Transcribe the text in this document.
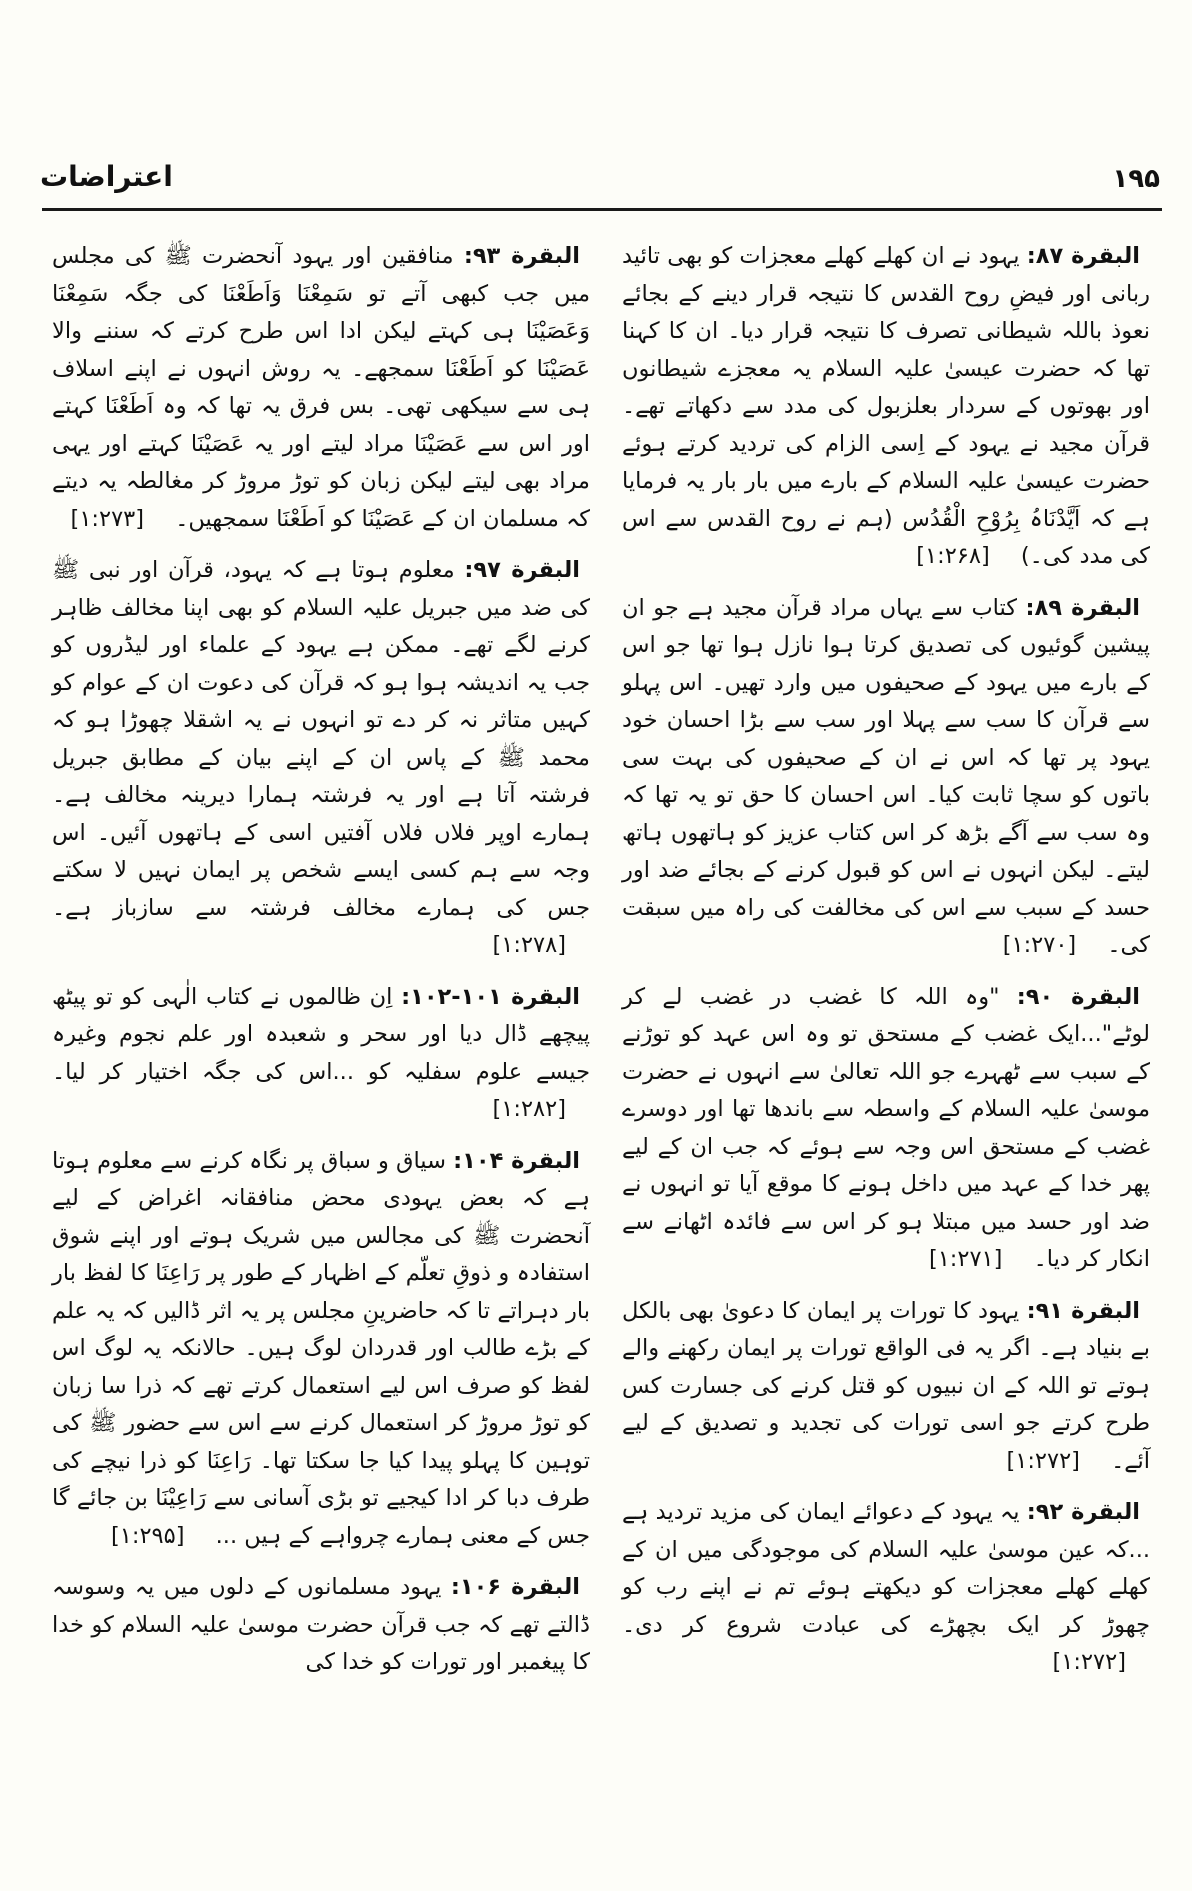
اعتراضات	۱۹۵

البقرة ۸۷: یہود نے ان کھلے کھلے معجزات کو بھی تائید ربانی اور فیضِ روح القدس کا نتیجہ قرار دینے کے بجائے نعوذ باللہ شیطانی تصرف کا نتیجہ قرار دیا۔ ان کا کہنا تھا کہ حضرت عیسیٰ علیہ السلام یہ معجزے شیطانوں اور بھوتوں کے سردار بعلزبول کی مدد سے دکھاتے تھے۔ قرآن مجید نے یہود کے اِسی الزام کی تردید کرتے ہوئے حضرت عیسیٰ علیہ السلام کے بارے میں بار بار یہ فرمایا ہے کہ اَیَّدْنَاہُ بِرُوْحِ الْقُدُس (ہم نے روح القدس سے اس کی مدد کی۔) [۱:۲۶۸]

البقرة ۸۹: کتاب سے یہاں مراد قرآن مجید ہے جو ان پیشین گوئیوں کی تصدیق کرتا ہوا نازل ہوا تھا جو اس کے بارے میں یہود کے صحیفوں میں وارد تھیں۔ اس پہلو سے قرآن کا سب سے پہلا اور سب سے بڑا احسان خود یہود پر تھا کہ اس نے ان کے صحیفوں کی بہت سی باتوں کو سچا ثابت کیا۔ اس احسان کا حق تو یہ تھا کہ وہ سب سے آگے بڑھ کر اس کتاب عزیز کو ہاتھوں ہاتھ لیتے۔ لیکن انہوں نے اس کو قبول کرنے کے بجائے ضد اور حسد کے سبب سے اس کی مخالفت کی راہ میں سبقت کی۔ [۱:۲۷۰]

البقرة ۹۰: "وہ اللہ کا غضب در غضب لے کر لوٹے"...ایک غضب کے مستحق تو وہ اس عہد کو توڑنے کے سبب سے ٹھہرے جو اللہ تعالیٰ سے انہوں نے حضرت موسیٰ علیہ السلام کے واسطہ سے باندھا تھا اور دوسرے غضب کے مستحق اس وجہ سے ہوئے کہ جب ان کے لیے پھر خدا کے عہد میں داخل ہونے کا موقع آیا تو انہوں نے ضد اور حسد میں مبتلا ہو کر اس سے فائدہ اٹھانے سے انکار کر دیا۔ [۱:۲۷۱]

البقرة ۹۱: یہود کا تورات پر ایمان کا دعویٰ بھی بالکل بے بنیاد ہے۔ اگر یہ فی الواقع تورات پر ایمان رکھنے والے ہوتے تو اللہ کے ان نبیوں کو قتل کرنے کی جسارت کس طرح کرتے جو اسی تورات کی تجدید و تصدیق کے لیے آئے۔ [۱:۲۷۲]

البقرة ۹۲: یہ یہود کے دعوائے ایمان کی مزید تردید ہے ...کہ عین موسیٰ علیہ السلام کی موجودگی میں ان کے کھلے کھلے معجزات کو دیکھتے ہوئے تم نے اپنے رب کو چھوڑ کر ایک بچھڑے کی عبادت شروع کر دی۔ [۱:۲۷۲]

البقرة ۹۳: منافقین اور یہود آنحضرت ﷺ کی مجلس میں جب کبھی آتے تو سَمِعْنَا وَاَطَعْنَا کی جگہ سَمِعْنَا وَعَصَیْنَا ہی کہتے لیکن ادا اس طرح کرتے کہ سننے والا عَصَیْنَا کو اَطَعْنَا سمجھے۔ یہ روش انہوں نے اپنے اسلاف ہی سے سیکھی تھی۔ بس فرق یہ تھا کہ وہ اَطَعْنَا کہتے اور اس سے عَصَیْنَا مراد لیتے اور یہ عَصَیْنَا کہتے اور یہی مراد بھی لیتے لیکن زبان کو توڑ مروڑ کر مغالطہ یہ دیتے کہ مسلمان ان کے عَصَیْنَا کو اَطَعْنَا سمجھیں۔ [۱:۲۷۳]

البقرة ۹۷: معلوم ہوتا ہے کہ یہود، قرآن اور نبی ﷺ کی ضد میں جبریل علیہ السلام کو بھی اپنا مخالف ظاہر کرنے لگے تھے۔ ممکن ہے یہود کے علماء اور لیڈروں کو جب یہ اندیشہ ہوا ہو کہ قرآن کی دعوت ان کے عوام کو کہیں متاثر نہ کر دے تو انہوں نے یہ اشقلا چھوڑا ہو کہ محمد ﷺ کے پاس ان کے اپنے بیان کے مطابق جبریل فرشتہ آتا ہے اور یہ فرشتہ ہمارا دیرینہ مخالف ہے۔ ہمارے اوپر فلاں فلاں آفتیں اسی کے ہاتھوں آئیں۔ اس وجہ سے ہم کسی ایسے شخص پر ایمان نہیں لا سکتے جس کی ہمارے مخالف فرشتہ سے سازباز ہے۔ [۱:۲۷۸]

البقرة ۱۰۱-۱۰۲: اِن ظالموں نے کتاب الٰہی کو تو پیٹھ پیچھے ڈال دیا اور سحر و شعبدہ اور علم نجوم وغیرہ جیسے علوم سفلیہ کو ...اس کی جگہ اختیار کر لیا۔ [۱:۲۸۲]

البقرة ۱۰۴: سیاق و سباق پر نگاہ کرنے سے معلوم ہوتا ہے کہ بعض یہودی محض منافقانہ اغراض کے لیے آنحضرت ﷺ کی مجالس میں شریک ہوتے اور اپنے شوق استفادہ و ذوقِ تعلّم کے اظہار کے طور پر رَاعِنَا کا لفظ بار بار دہراتے تا کہ حاضرینِ مجلس پر یہ اثر ڈالیں کہ یہ علم کے بڑے طالب اور قدردان لوگ ہیں۔ حالانکہ یہ لوگ اس لفظ کو صرف اس لیے استعمال کرتے تھے کہ ذرا سا زبان کو توڑ مروڑ کر استعمال کرنے سے اس سے حضور ﷺ کی توہین کا پہلو پیدا کیا جا سکتا تھا۔ رَاعِنَا کو ذرا نیچے کی طرف دبا کر ادا کیجیے تو بڑی آسانی سے رَاعِیْنَا بن جائے گا جس کے معنی ہمارے چرواہے کے ہیں ... [۱:۲۹۵]

البقرة ۱۰۶: یہود مسلمانوں کے دلوں میں یہ وسوسہ ڈالتے تھے کہ جب قرآن حضرت موسیٰ علیہ السلام کو خدا کا پیغمبر اور تورات کو خدا کی
